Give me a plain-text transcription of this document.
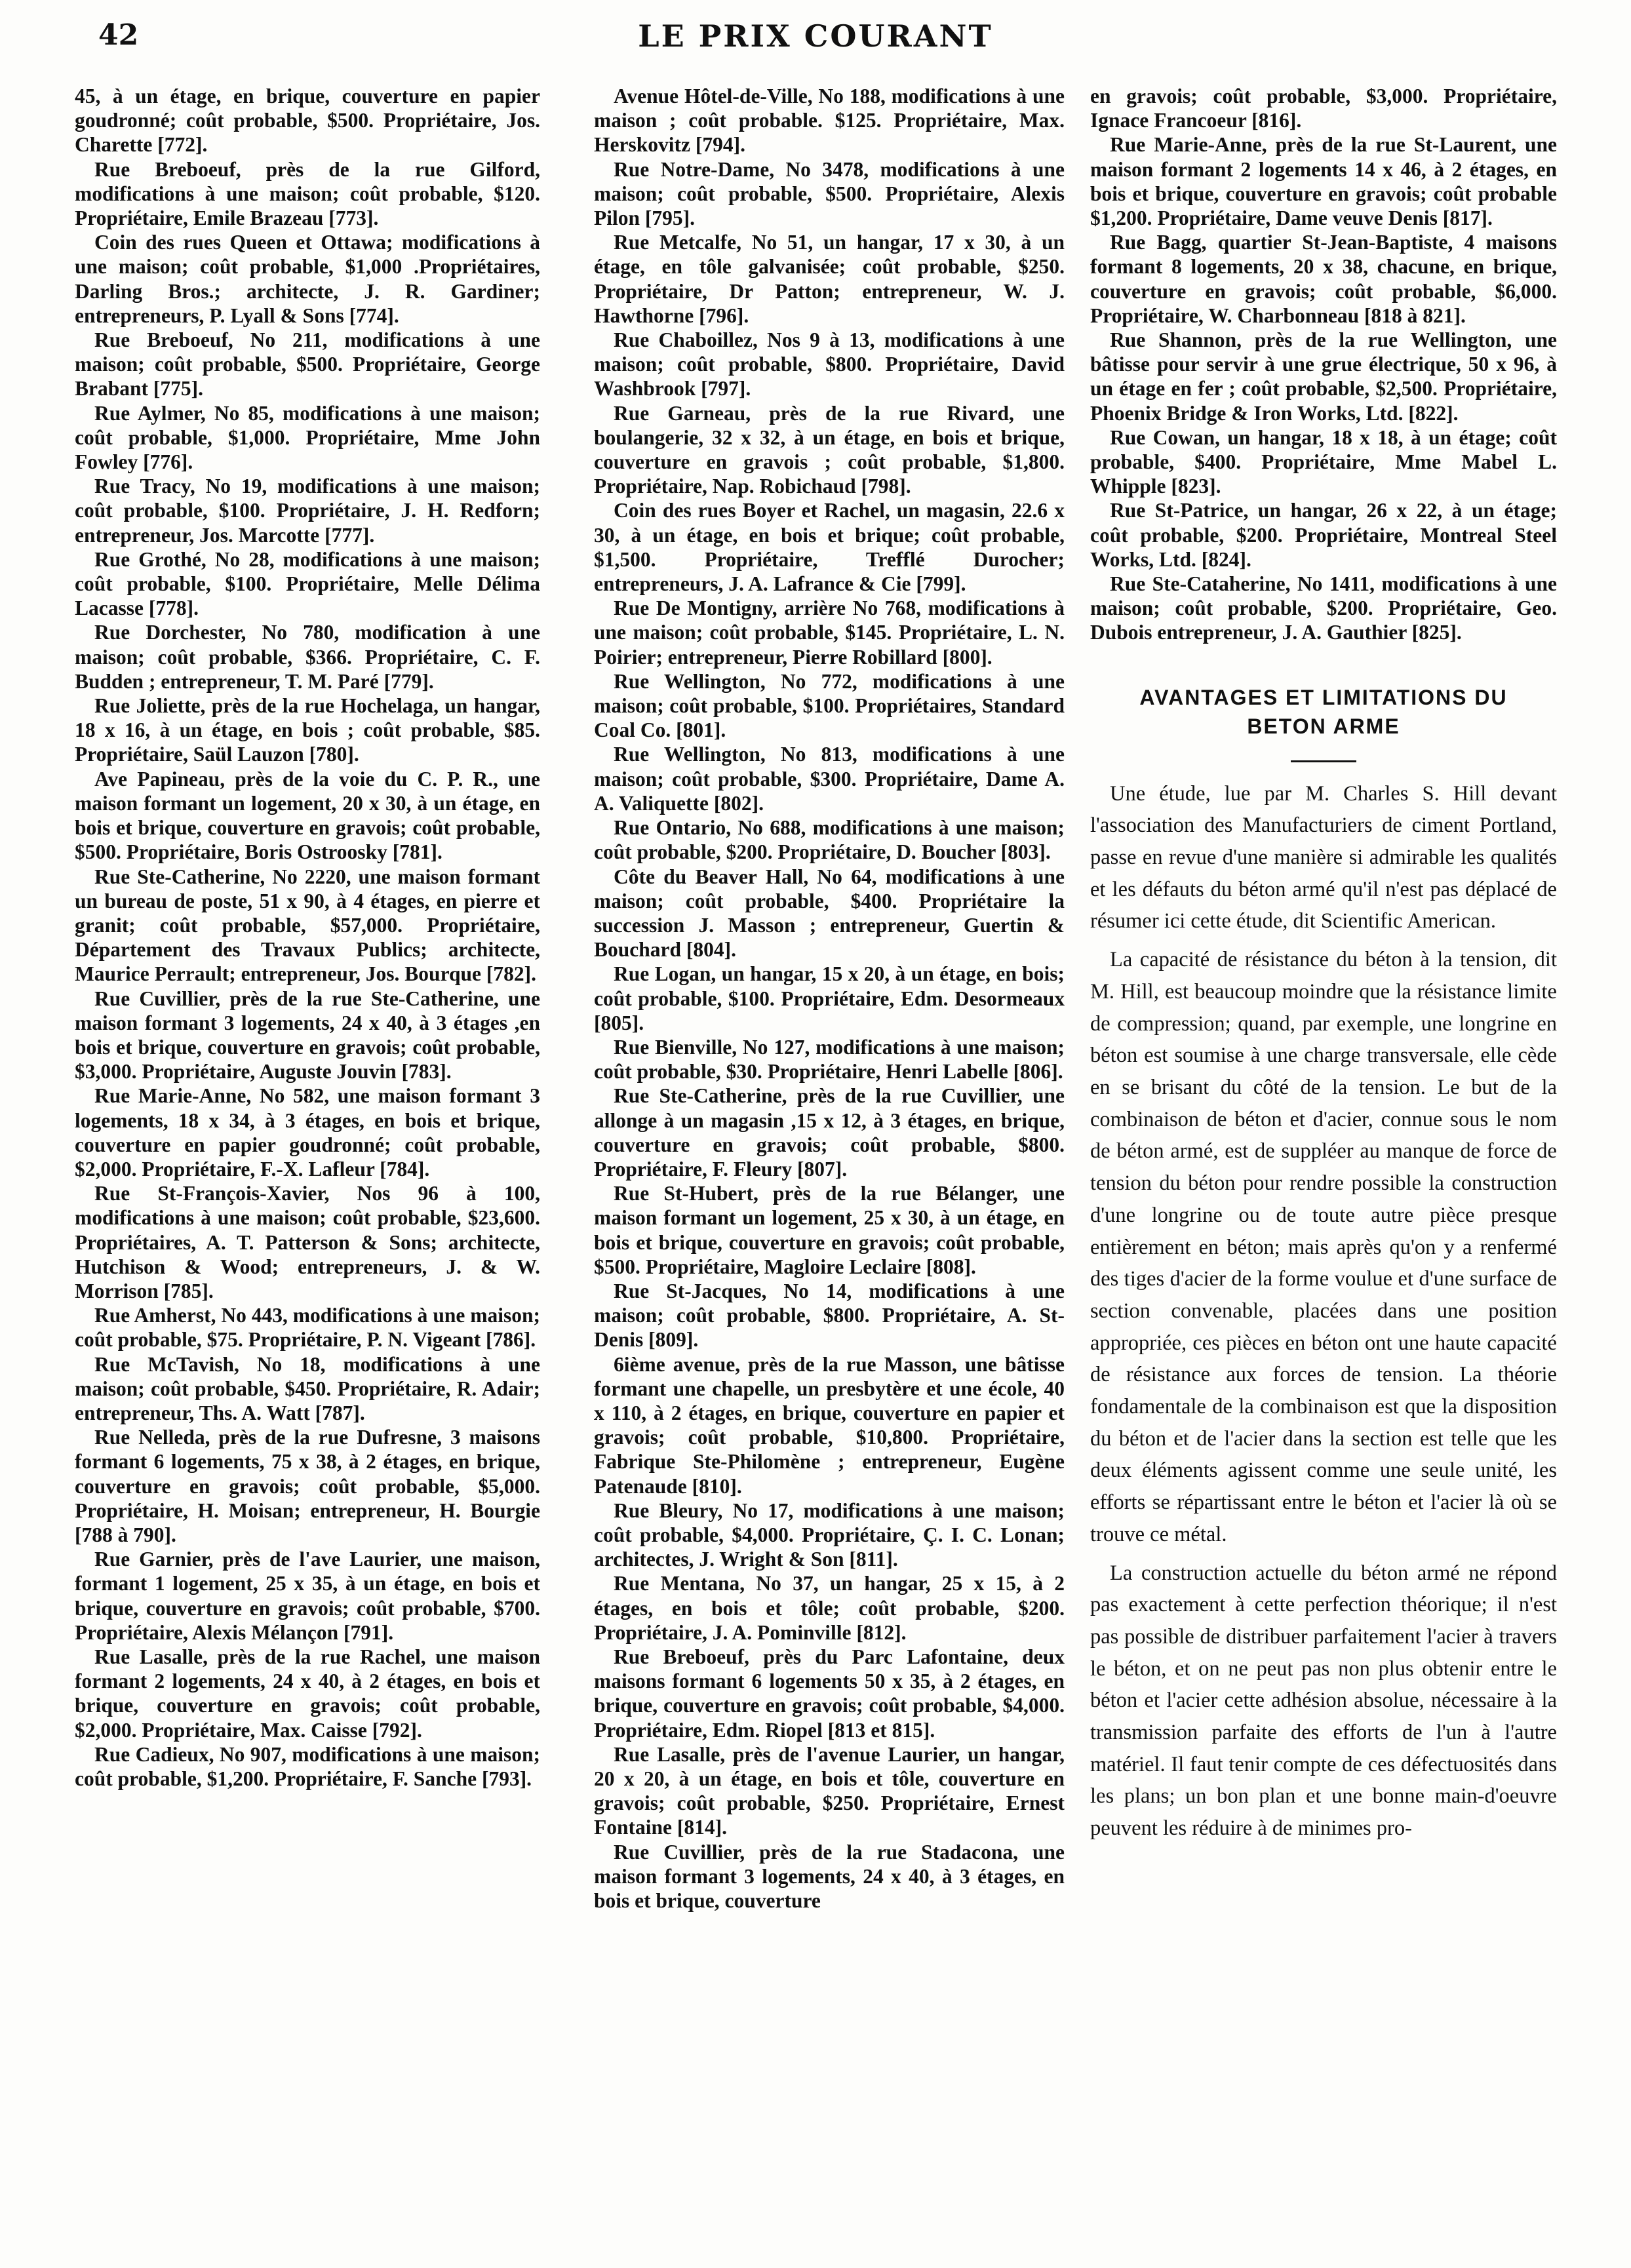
42	LE PRIX COURANT

45, à un étage, en brique, couverture en papier goudronné; coût probable, $500. Propriétaire, Jos. Charette [772].

Rue Breboeuf, près de la rue Gilford, modifications à une maison; coût probable, $120. Propriétaire, Emile Brazeau [773].

Coin des rues Queen et Ottawa; modifications à une maison; coût probable, $1,000 .Propriétaires, Darling Bros.; architecte, J. R. Gardiner; entrepreneurs, P. Lyall & Sons [774].

Rue Breboeuf, No 211, modifications à une maison; coût probable, $500. Propriétaire, George Brabant [775].

Rue Aylmer, No 85, modifications à une maison; coût probable, $1,000. Propriétaire, Mme John Fowley [776].

Rue Tracy, No 19, modifications à une maison; coût probable, $100. Propriétaire, J. H. Redforn; entrepreneur, Jos. Marcotte [777].

Rue Grothé, No 28, modifications à une maison; coût probable, $100. Propriétaire, Melle Délima Lacasse [778].

Rue Dorchester, No 780, modification à une maison; coût probable, $366. Propriétaire, C. F. Budden ; entrepreneur, T. M. Paré [779].

Rue Joliette, près de la rue Hochelaga, un hangar, 18 x 16, à un étage, en bois ; coût probable, $85. Propriétaire, Saül Lauzon [780].

Ave Papineau, près de la voie du C. P. R., une maison formant un logement, 20 x 30, à un étage, en bois et brique, couverture en gravois; coût probable, $500. Propriétaire, Boris Ostroosky [781].

Rue Ste-Catherine, No 2220, une maison formant un bureau de poste, 51 x 90, à 4 étages, en pierre et granit; coût probable, $57,000. Propriétaire, Département des Travaux Publics; architecte, Maurice Perrault; entrepreneur, Jos. Bourque [782].

Rue Cuvillier, près de la rue Ste-Catherine, une maison formant 3 logements, 24 x 40, à 3 étages ,en bois et brique, couverture en gravois; coût probable, $3,000. Propriétaire, Auguste Jouvin [783].

Rue Marie-Anne, No 582, une maison formant 3 logements, 18 x 34, à 3 étages, en bois et brique, couverture en papier goudronné; coût probable, $2,000. Propriétaire, F.-X. Lafleur [784].

Rue St-François-Xavier, Nos 96 à 100, modifications à une maison; coût probable, $23,600. Propriétaires, A. T. Patterson & Sons; architecte, Hutchison & Wood; entrepreneurs, J. & W. Morrison [785].

Rue Amherst, No 443, modifications à une maison; coût probable, $75. Propriétaire, P. N. Vigeant [786].

Rue McTavish, No 18, modifications à une maison; coût probable, $450. Propriétaire, R. Adair; entrepreneur, Ths. A. Watt [787].

Rue Nelleda, près de la rue Dufresne, 3 maisons formant 6 logements, 75 x 38, à 2 étages, en brique, couverture en gravois; coût probable, $5,000. Propriétaire, H. Moisan; entrepreneur, H. Bourgie [788 à 790].

Rue Garnier, près de l'ave Laurier, une maison, formant 1 logement, 25 x 35, à un étage, en bois et brique, couverture en gravois; coût probable, $700. Propriétaire, Alexis Mélançon [791].

Rue Lasalle, près de la rue Rachel, une maison formant 2 logements, 24 x 40, à 2 étages, en bois et brique, couverture en gravois; coût probable, $2,000. Propriétaire, Max. Caisse [792].

Rue Cadieux, No 907, modifications à une maison; coût probable, $1,200. Propriétaire, F. Sanche [793].

Avenue Hôtel-de-Ville, No 188, modifications à une maison ; coût probable. $125. Propriétaire, Max. Herskovitz [794].

Rue Notre-Dame, No 3478, modifications à une maison; coût probable, $500. Propriétaire, Alexis Pilon [795].

Rue Metcalfe, No 51, un hangar, 17 x 30, à un étage, en tôle galvanisée; coût probable, $250. Propriétaire, Dr Patton; entrepreneur, W. J. Hawthorne [796].

Rue Chaboillez, Nos 9 à 13, modifications à une maison; coût probable, $800. Propriétaire, David Washbrook [797].

Rue Garneau, près de la rue Rivard, une boulangerie, 32 x 32, à un étage, en bois et brique, couverture en gravois ; coût probable, $1,800. Propriétaire, Nap. Robichaud [798].

Coin des rues Boyer et Rachel, un magasin, 22.6 x 30, à un étage, en bois et brique; coût probable, $1,500. Propriétaire, Trefflé Durocher; entrepreneurs, J. A. Lafrance & Cie [799].

Rue De Montigny, arrière No 768, modifications à une maison; coût probable, $145. Propriétaire, L. N. Poirier; entrepreneur, Pierre Robillard [800].

Rue Wellington, No 772, modifications à une maison; coût probable, $100. Propriétaires, Standard Coal Co. [801].

Rue Wellington, No 813, modifications à une maison; coût probable, $300. Propriétaire, Dame A. A. Valiquette [802].

Rue Ontario, No 688, modifications à une maison; coût probable, $200. Propriétaire, D. Boucher [803].

Côte du Beaver Hall, No 64, modifications à une maison; coût probable, $400. Propriétaire la succession J. Masson ; entrepreneur, Guertin & Bouchard [804].

Rue Logan, un hangar, 15 x 20, à un étage, en bois; coût probable, $100. Propriétaire, Edm. Desormeaux [805].

Rue Bienville, No 127, modifications à une maison; coût probable, $30. Propriétaire, Henri Labelle [806].

Rue Ste-Catherine, près de la rue Cuvillier, une allonge à un magasin ,15 x 12, à 3 étages, en brique, couverture en gravois; coût probable, $800. Propriétaire, F. Fleury [807].

Rue St-Hubert, près de la rue Bélanger, une maison formant un logement, 25 x 30, à un étage, en bois et brique, couverture en gravois; coût probable, $500. Propriétaire, Magloire Leclaire [808].

Rue St-Jacques, No 14, modifications à une maison; coût probable, $800. Propriétaire, A. St-Denis [809].

6ième avenue, près de la rue Masson, une bâtisse formant une chapelle, un presbytère et une école, 40 x 110, à 2 étages, en brique, couverture en papier et gravois; coût probable, $10,800. Propriétaire, Fabrique Ste-Philomène ; entrepreneur, Eugène Patenaude [810].

Rue Bleury, No 17, modifications à une maison; coût probable, $4,000. Propriétaire, Ç. I. C. Lonan; architectes, J. Wright & Son [811].

Rue Mentana, No 37, un hangar, 25 x 15, à 2 étages, en bois et tôle; coût probable, $200. Propriétaire, J. A. Pominville [812].

Rue Breboeuf, près du Parc Lafontaine, deux maisons formant 6 logements 50 x 35, à 2 étages, en brique, couverture en gravois; coût probable, $4,000. Propriétaire, Edm. Riopel [813 et 815].

Rue Lasalle, près de l'avenue Laurier, un hangar, 20 x 20, à un étage, en bois et tôle, couverture en gravois; coût probable, $250. Propriétaire, Ernest Fontaine [814].

Rue Cuvillier, près de la rue Stadacona, une maison formant 3 logements, 24 x 40, à 3 étages, en bois et brique, couverture

en gravois; coût probable, $3,000. Propriétaire, Ignace Francoeur [816].

Rue Marie-Anne, près de la rue St-Laurent, une maison formant 2 logements 14 x 46, à 2 étages, en bois et brique, couverture en gravois; coût probable $1,200. Propriétaire, Dame veuve Denis [817].

Rue Bagg, quartier St-Jean-Baptiste, 4 maisons formant 8 logements, 20 x 38, chacune, en brique, couverture en gravois; coût probable, $6,000. Propriétaire, W. Charbonneau [818 à 821].

Rue Shannon, près de la rue Wellington, une bâtisse pour servir à une grue électrique, 50 x 96, à un étage en fer ; coût probable, $2,500. Propriétaire, Phoenix Bridge & Iron Works, Ltd. [822].

Rue Cowan, un hangar, 18 x 18, à un étage; coût probable, $400. Propriétaire, Mme Mabel L. Whipple [823].

Rue St-Patrice, un hangar, 26 x 22, à un étage; coût probable, $200. Propriétaire, Montreal Steel Works, Ltd. [824].

Rue Ste-Cataherine, No 1411, modifications à une maison; coût probable, $200. Propriétaire, Geo. Dubois entrepreneur, J. A. Gauthier [825].

AVANTAGES ET LIMITATIONS DU
BETON ARME

Une étude, lue par M. Charles S. Hill devant l'association des Manufacturiers de ciment Portland, passe en revue d'une manière si admirable les qualités et les défauts du béton armé qu'il n'est pas déplacé de résumer ici cette étude, dit Scientific American.

La capacité de résistance du béton à la tension, dit M. Hill, est beaucoup moindre que la résistance limite de compression; quand, par exemple, une longrine en béton est soumise à une charge transversale, elle cède en se brisant du côté de la tension. Le but de la combinaison de béton et d'acier, connue sous le nom de béton armé, est de suppléer au manque de force de tension du béton pour rendre possible la construction d'une longrine ou de toute autre pièce presque entièrement en béton; mais après qu'on y a renfermé des tiges d'acier de la forme voulue et d'une surface de section convenable, placées dans une position appropriée, ces pièces en béton ont une haute capacité de résistance aux forces de tension. La théorie fondamentale de la combinaison est que la disposition du béton et de l'acier dans la section est telle que les deux éléments agissent comme une seule unité, les efforts se répartissant entre le béton et l'acier là où se trouve ce métal.

La construction actuelle du béton armé ne répond pas exactement à cette perfection théorique; il n'est pas possible de distribuer parfaitement l'acier à travers le béton, et on ne peut pas non plus obtenir entre le béton et l'acier cette adhésion absolue, nécessaire à la transmission parfaite des efforts de l'un à l'autre matériel. Il faut tenir compte de ces défectuosités dans les plans; un bon plan et une bonne main-d'oeuvre peuvent les réduire à de minimes pro-
